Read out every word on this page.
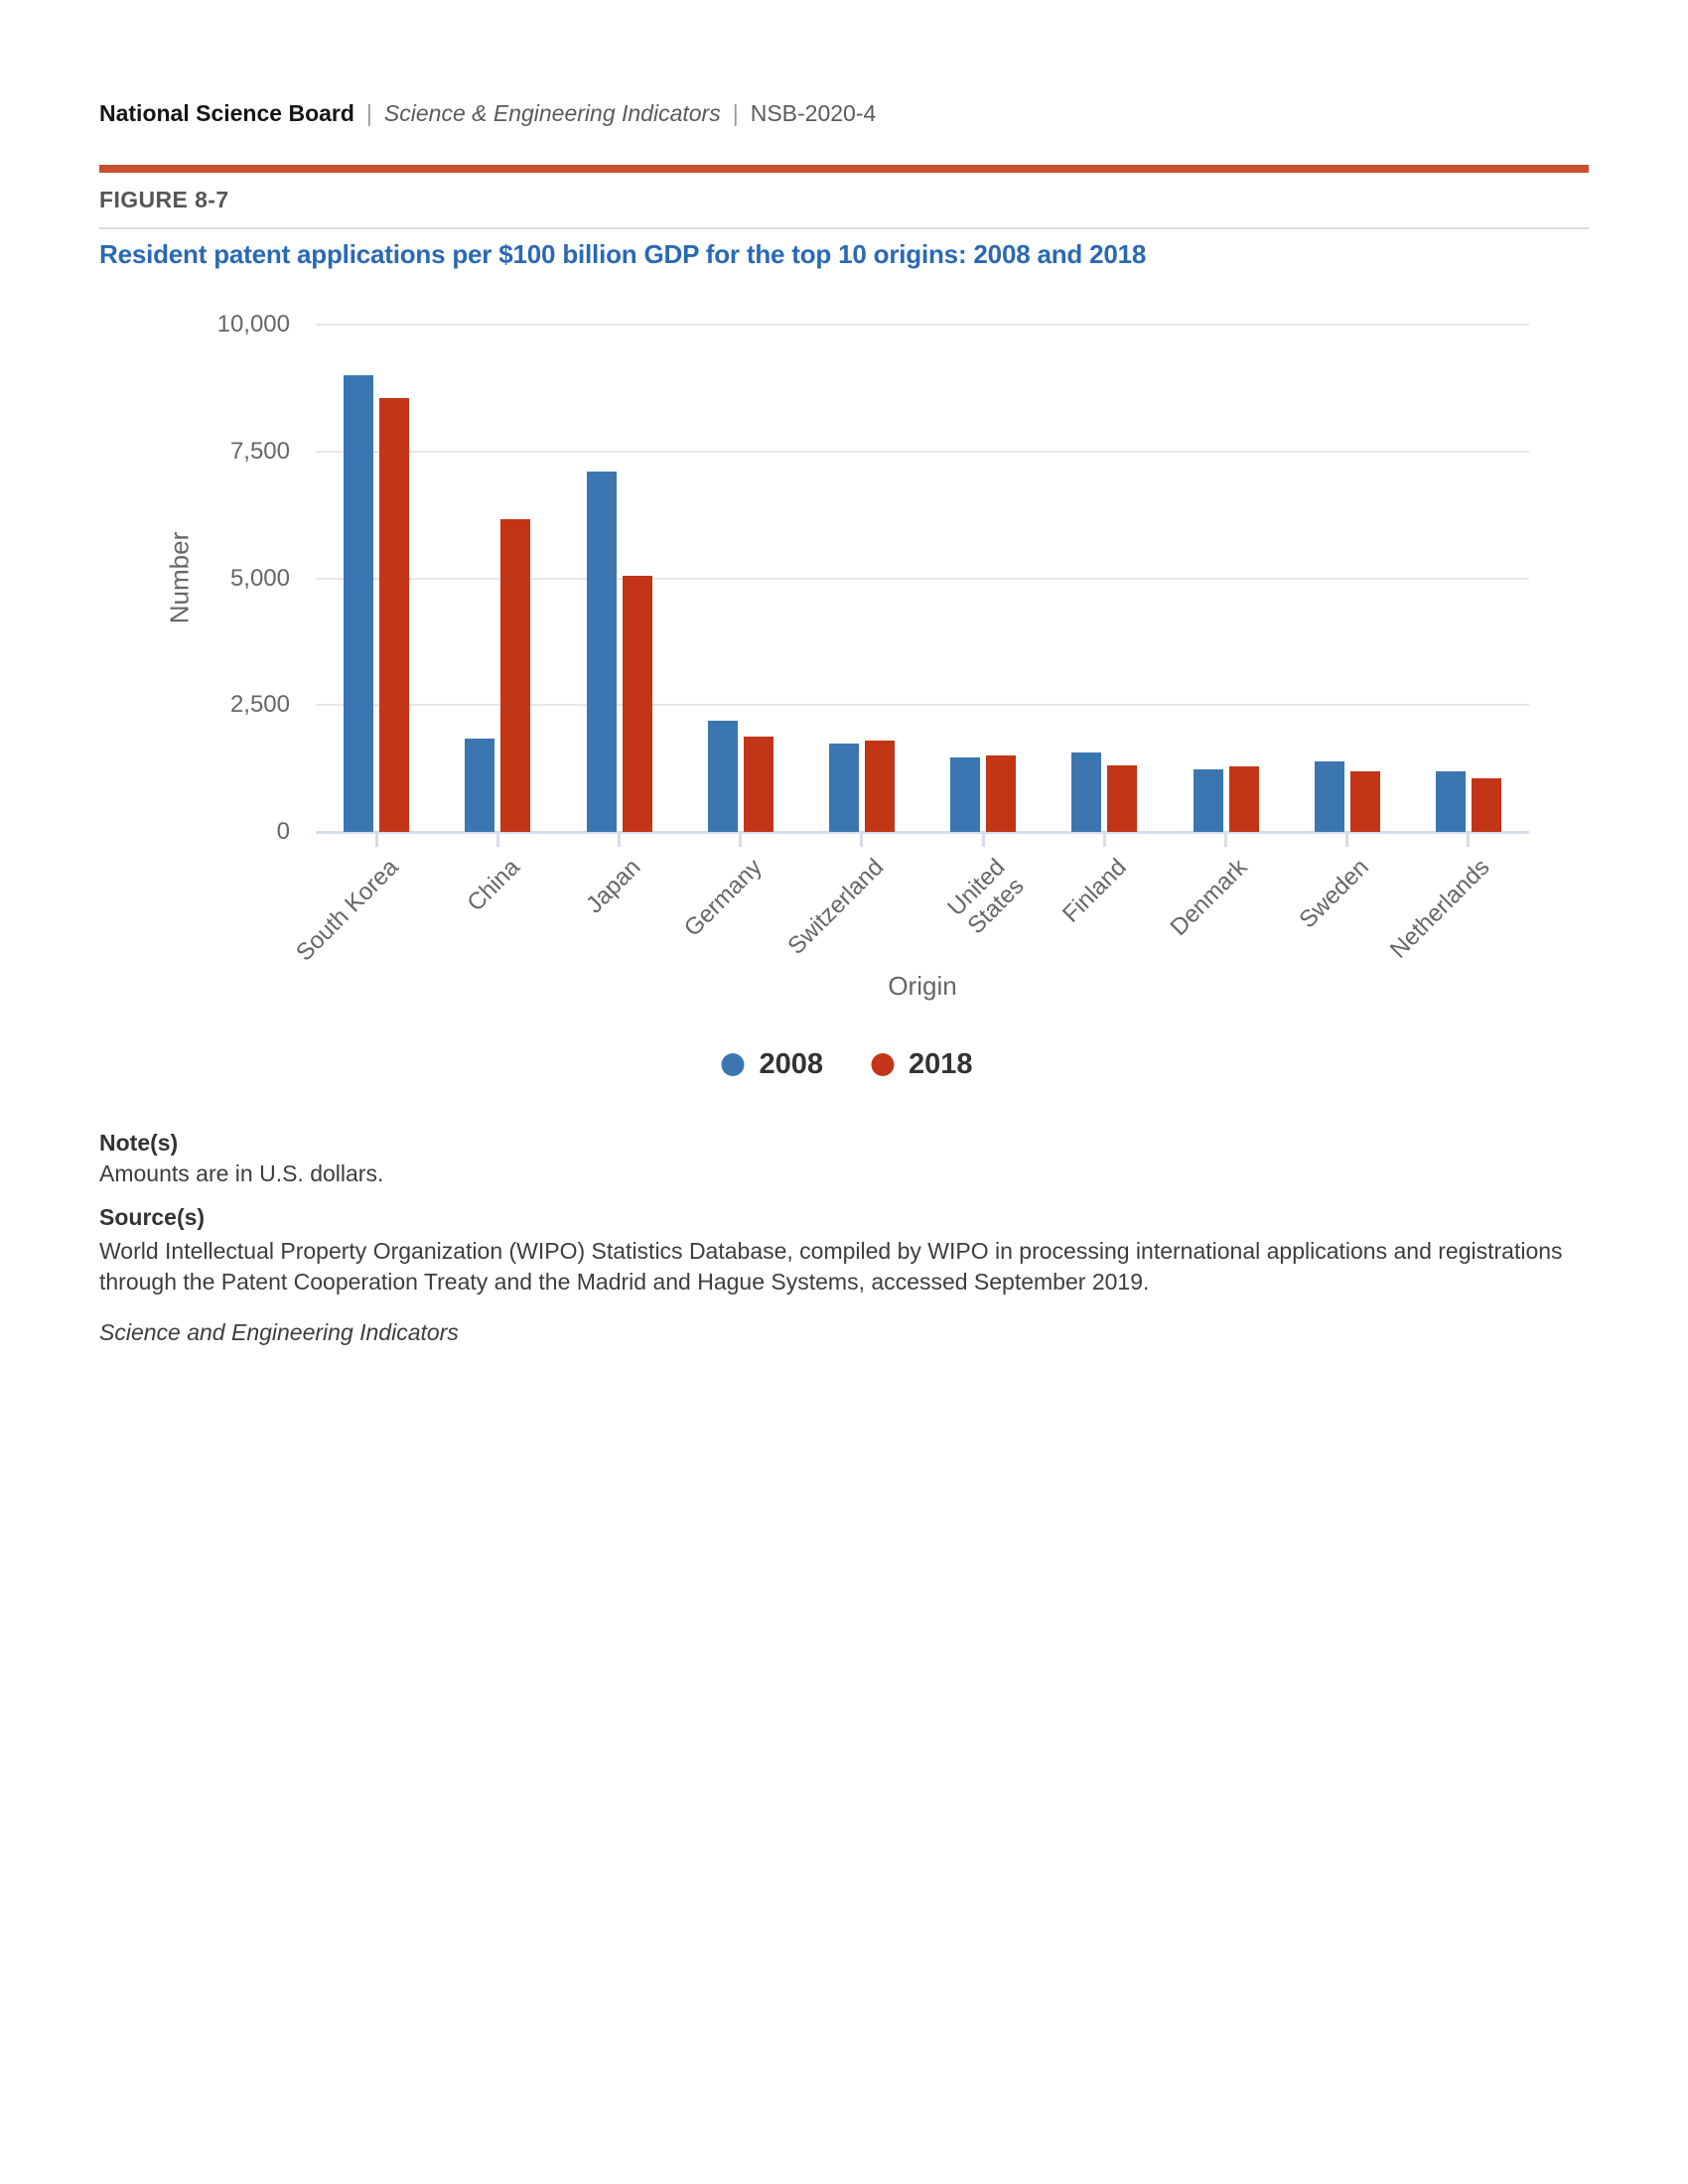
National Science Board | Science & Engineering Indicators | NSB-2020-4
FIGURE 8-7
Resident patent applications per $100 billion GDP for the top 10 origins: 2008 and 2018
Number
Origin
2008	2018
0
2,500
5,000
7,500
10,000
South Korea China Japan Germany Switzerland United
States Finland Denmark Sweden Netherlands
Note(s)

Amounts are in U.S. dollars.

Source(s)

World Intellectual Property Organization (WIPO) Statistics Database, compiled by WIPO in processing international applications and registrations through the Patent Cooperation Treaty and the Madrid and Hague Systems, accessed September 2019.

Science and Engineering Indicators
